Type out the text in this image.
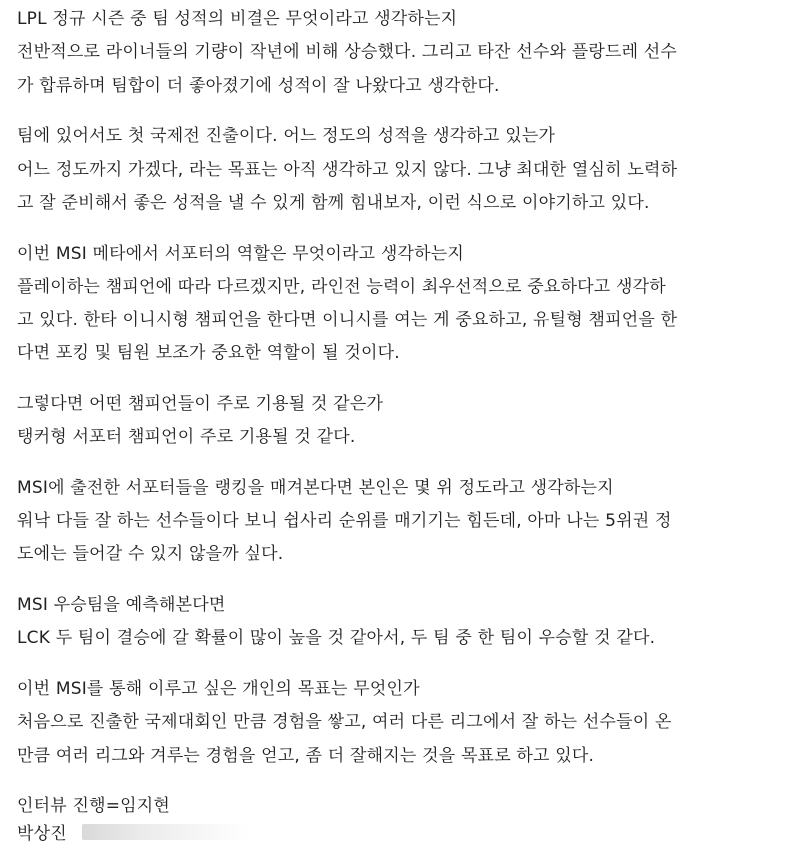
LPL 정규 시즌 중 팀 성적의 비결은 무엇이라고 생각하는지
전반적으로 라이너들의 기량이 작년에 비해 상승했다. 그리고 타잔 선수와 플랑드레 선수
가 합류하며 팀합이 더 좋아졌기에 성적이 잘 나왔다고 생각한다.
팀에 있어서도 첫 국제전 진출이다. 어느 정도의 성적을 생각하고 있는가
어느 정도까지 가겠다, 라는 목표는 아직 생각하고 있지 않다. 그냥 최대한 열심히 노력하
고 잘 준비해서 좋은 성적을 낼 수 있게 함께 힘내보자, 이런 식으로 이야기하고 있다.
이번 MSI 메타에서 서포터의 역할은 무엇이라고 생각하는지
플레이하는 챔피언에 따라 다르겠지만, 라인전 능력이 최우선적으로 중요하다고 생각하
고 있다. 한타 이니시형 챔피언을 한다면 이니시를 여는 게 중요하고, 유틸형 챔피언을 한
다면 포킹 및 팀원 보조가 중요한 역할이 될 것이다.
그렇다면 어떤 챔피언들이 주로 기용될 것 같은가
탱커형 서포터 챔피언이 주로 기용될 것 같다.
MSI에 출전한 서포터들을 랭킹을 매겨본다면 본인은 몇 위 정도라고 생각하는지
워낙 다들 잘 하는 선수들이다 보니 쉽사리 순위를 매기기는 힘든데, 아마 나는 5위권 정
도에는 들어갈 수 있지 않을까 싶다.
MSI 우승팀을 예측해본다면
LCK 두 팀이 결승에 갈 확률이 많이 높을 것 같아서, 두 팀 중 한 팀이 우승할 것 같다.
이번 MSI를 통해 이루고 싶은 개인의 목표는 무엇인가
처음으로 진출한 국제대회인 만큼 경험을 쌓고, 여러 다른 리그에서 잘 하는 선수들이 온
만큼 여러 리그와 겨루는 경험을 얻고, 좀 더 잘해지는 것을 목표로 하고 있다.
인터뷰 진행=임지현
박상진
